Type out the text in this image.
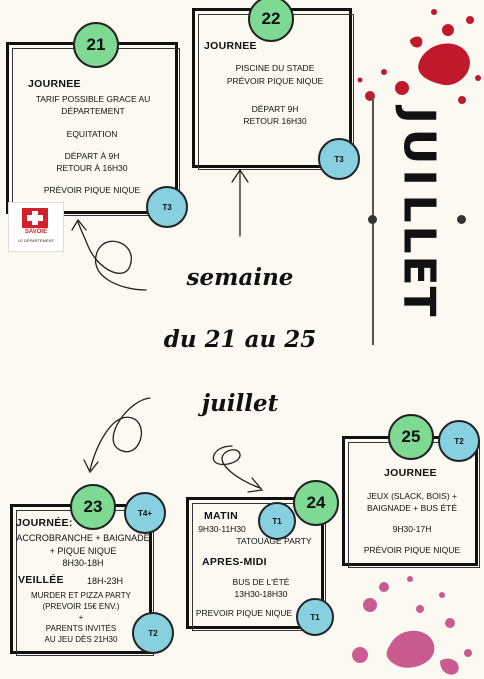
J
U
I
L
L
E
T
21
JOURNEE
TARIF POSSIBLE GRACE AU DÉPARTEMENT
EQUITATION
DÉPART À 9H
RETOUR À 16H30
PRÉVOIR PIQUE NIQUE
T3
SAVOIE
LE DÉPARTEMENT
22
JOURNEE
PISCINE DU STADE
PRÉVOIR PIQUE NIQUE
DÉPART 9H
RETOUR 16H30
T3
semaine
du 21 au 25
juillet
23	T4+
JOURNÉE:
ACCROBRANCHE + BAIGNADE + PIQUE NIQUE
8H30-18H
VEILLÉE	18H-23H
MURDER ET PIZZA PARTY
(PREVOIR 15€ ENV.)
+
PARENTS INVITÉS
AU JEU DÈS 21H30
T2
24
MATIN	T1
9H30-11H30
TATOUAGE PARTY
APRES-MIDI
BUS DE L'ÉTÉ
13H30-18H30
PREVOIR PIQUE NIQUE	T1
25	T2
JOURNEE
JEUX (SLACK, BOIS) + BAIGNADE + BUS ÉTÉ
9H30-17H
PRÉVOIR PIQUE NIQUE
